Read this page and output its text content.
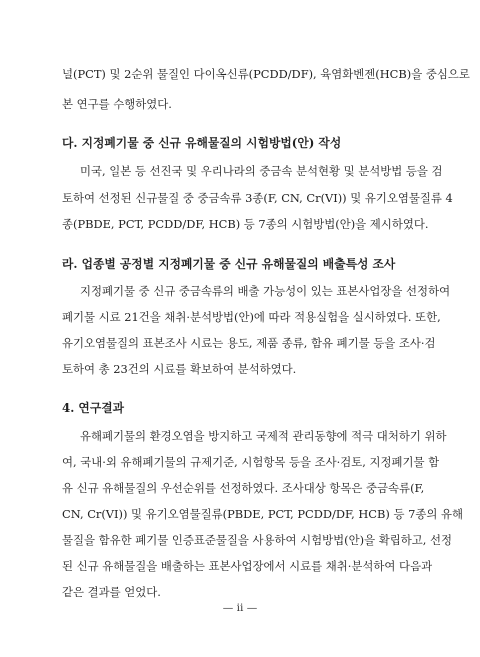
널(PCT) 및 2순위 물질인 다이옥신류(PCDD/DF), 육염화벤젠(HCB)을 중심으로
본 연구를 수행하였다.
다. 지정폐기물 중 신규 유해물질의 시험방법(안) 작성
미국, 일본 등 선진국 및 우리나라의 중금속 분석현황 및 분석방법 등을 검
토하여 선정된 신규물질 중 중금속류 3종(F, CN, Cr(VI)) 및 유기오염물질류 4
종(PBDE, PCT, PCDD/DF, HCB) 등 7종의 시험방법(안)을 제시하였다.
라. 업종별 공정별 지정폐기물 중 신규 유해물질의 배출특성 조사
지정폐기물 중 신규 중금속류의 배출 가능성이 있는 표본사업장을 선정하여
폐기물 시료 21건을 채취·분석방법(안)에 따라 적용실험을 실시하였다. 또한,
유기오염물질의 표본조사 시료는 용도, 제품 종류, 함유 폐기물 등을 조사·검
토하여 총 23건의 시료를 확보하여 분석하였다.
4. 연구결과
유해폐기물의 환경오염을 방지하고 국제적 관리동향에 적극 대처하기 위하
여, 국내·외 유해폐기물의 규제기준, 시험항목 등을 조사·검토, 지정폐기물 함
유 신규 유해물질의 우선순위를 선정하였다. 조사대상 항목은 중금속류(F,
CN, Cr(VI)) 및 유기오염물질류(PBDE, PCT, PCDD/DF, HCB) 등 7종의 유해
물질을 함유한 폐기물 인증표준물질을 사용하여 시험방법(안)을 확립하고, 선정
된 신규 유해물질을 배출하는 표본사업장에서 시료를 채취·분석하여 다음과
같은 결과를 얻었다.
— ii —
